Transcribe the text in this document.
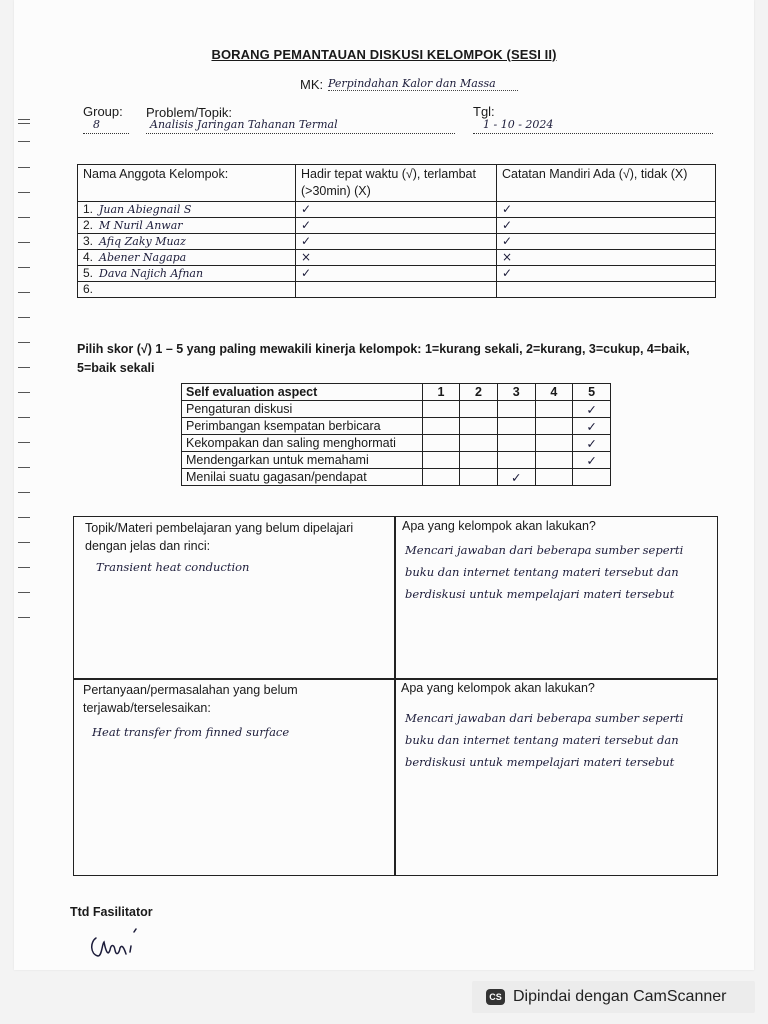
BORANG PEMANTAUAN DISKUSI KELOMPOK (SESI II)
MK: Perpindahan Kalor dan Massa
Group:
8
Problem/Topik:
Analisis Jaringan Tahanan Termal
Tgl:
1 - 10 - 2024
Nama Anggota Kelompok:	Hadir tepat waktu (√), terlambat (>30min) (X)	Catatan Mandiri Ada (√), tidak (X)
1. Juan Abiegnail S	✓	✓
2. M Nuril Anwar	✓	✓
3. Afiq Zaky Muaz	✓	✓
4. Abener Nagapa	×	×
5. Dava Najich Afnan	✓	✓
6.		
Pilih skor (√) 1 – 5 yang paling mewakili kinerja kelompok: 1=kurang sekali, 2=kurang, 3=cukup, 4=baik, 5=baik sekali
Self evaluation aspect	1	2	3	4	5
Pengaturan diskusi					✓
Perimbangan ksempatan berbicara					✓
Kekompakan dan saling menghormati					✓
Mendengarkan untuk memahami					✓
Menilai suatu gagasan/pendapat			✓		
Topik/Materi pembelajaran yang belum dipelajari dengan jelas dan rinci:
Transient heat conduction
Apa yang kelompok akan lakukan?
Mencari jawaban dari beberapa sumber seperti buku dan internet tentang materi tersebut dan berdiskusi untuk mempelajari materi tersebut
Pertanyaan/permasalahan yang belum terjawab/terselesaikan:
Heat transfer from finned surface
Apa yang kelompok akan lakukan?
Mencari jawaban dari beberapa sumber seperti buku dan internet tentang materi tersebut dan berdiskusi untuk mempelajari materi tersebut
Ttd Fasilitator
CS Dipindai dengan CamScanner
